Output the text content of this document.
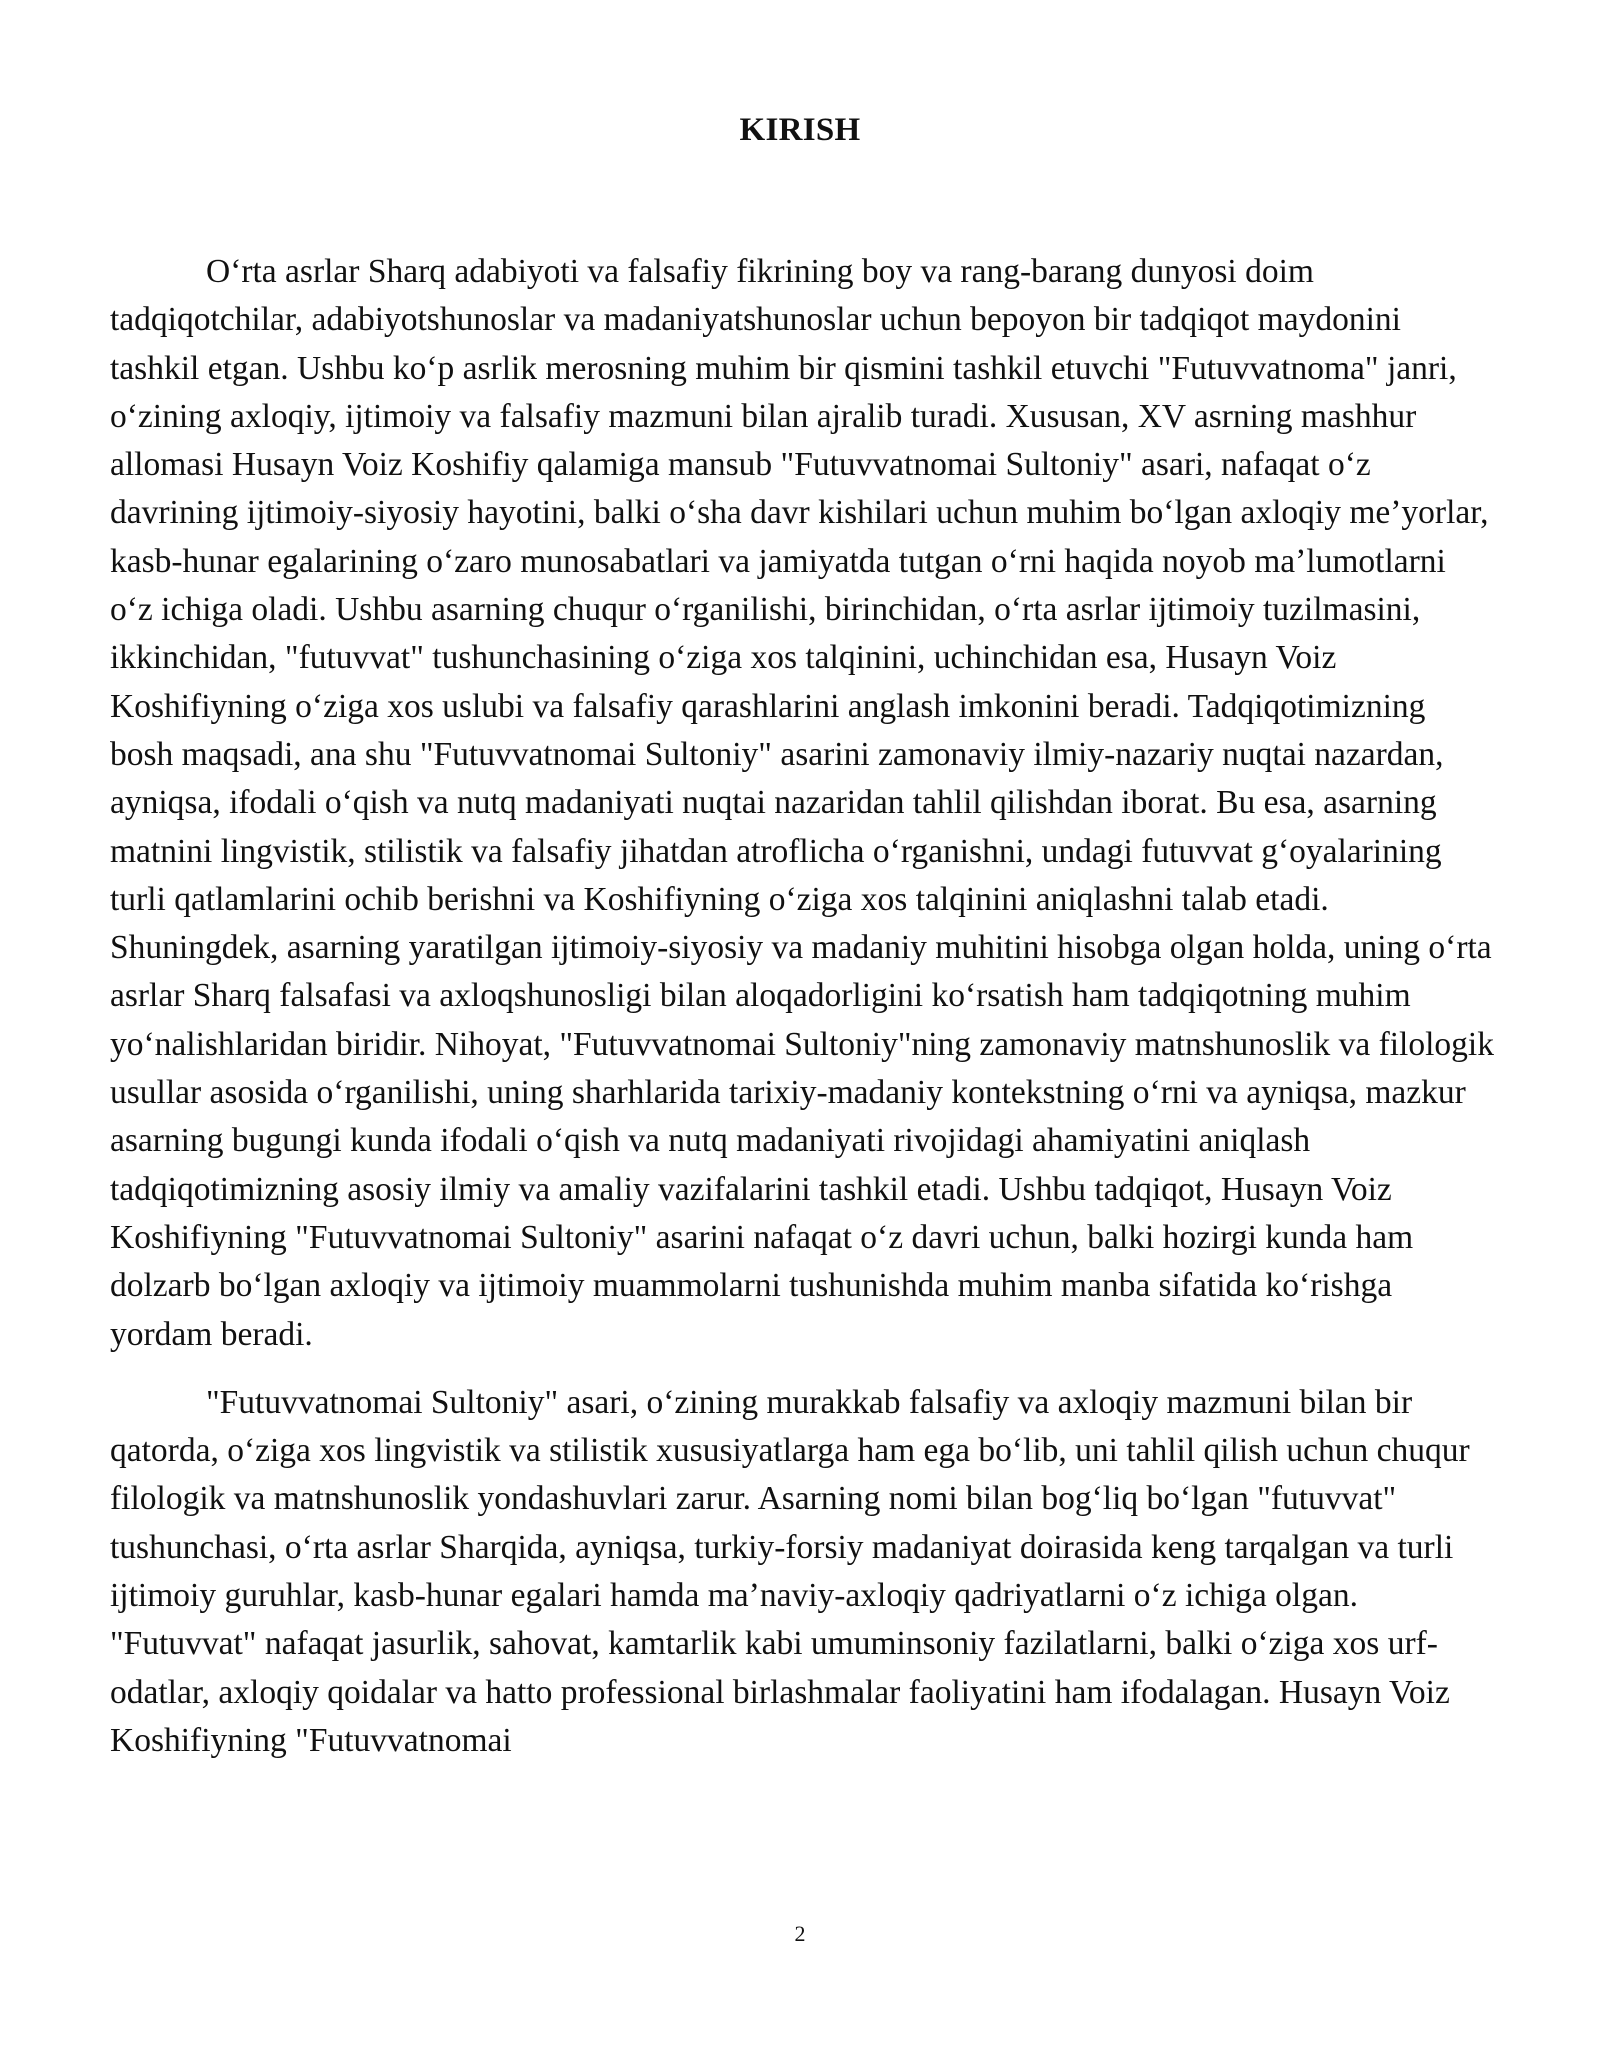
KIRISH

Oʻrta asrlar Sharq adabiyoti va falsafiy fikrining boy va rang-barang dunyosi doim tadqiqotchilar, adabiyotshunoslar va madaniyatshunoslar uchun bepoyon bir tadqiqot maydonini tashkil etgan. Ushbu koʻp asrlik merosning muhim bir qismini tashkil etuvchi "Futuvvatnoma" janri, oʻzining axloqiy, ijtimoiy va falsafiy mazmuni bilan ajralib turadi. Xususan, XV asrning mashhur allomasi Husayn Voiz Koshifiy qalamiga mansub "Futuvvatnomai Sultoniy" asari, nafaqat oʻz davrining ijtimoiy-siyosiy hayotini, balki oʻsha davr kishilari uchun muhim boʻlgan axloqiy meʼyorlar, kasb-hunar egalarining oʻzaro munosabatlari va jamiyatda tutgan oʻrni haqida noyob maʼlumotlarni oʻz ichiga oladi. Ushbu asarning chuqur oʻrganilishi, birinchidan, oʻrta asrlar ijtimoiy tuzilmasini, ikkinchidan, "futuvvat" tushunchasining oʻziga xos talqinini, uchinchidan esa, Husayn Voiz Koshifiyning oʻziga xos uslubi va falsafiy qarashlarini anglash imkonini beradi. Tadqiqotimizning bosh maqsadi, ana shu "Futuvvatnomai Sultoniy" asarini zamonaviy ilmiy-nazariy nuqtai nazardan, ayniqsa, ifodali oʻqish va nutq madaniyati nuqtai nazaridan tahlil qilishdan iborat. Bu esa, asarning matnini lingvistik, stilistik va falsafiy jihatdan atroflicha oʻrganishni, undagi futuvvat gʻoyalarining turli qatlamlarini ochib berishni va Koshifiyning oʻziga xos talqinini aniqlashni talab etadi. Shuningdek, asarning yaratilgan ijtimoiy-siyosiy va madaniy muhitini hisobga olgan holda, uning oʻrta asrlar Sharq falsafasi va axloqshunosligi bilan aloqadorligini koʻrsatish ham tadqiqotning muhim yoʻnalishlaridan biridir. Nihoyat, "Futuvvatnomai Sultoniy"ning zamonaviy matnshunoslik va filologik usullar asosida oʻrganilishi, uning sharhlarida tarixiy-madaniy kontekstning oʻrni va ayniqsa, mazkur asarning bugungi kunda ifodali oʻqish va nutq madaniyati rivojidagi ahamiyatini aniqlash tadqiqotimizning asosiy ilmiy va amaliy vazifalarini tashkil etadi. Ushbu tadqiqot, Husayn Voiz Koshifiyning "Futuvvatnomai Sultoniy" asarini nafaqat oʻz davri uchun, balki hozirgi kunda ham dolzarb boʻlgan axloqiy va ijtimoiy muammolarni tushunishda muhim manba sifatida koʻrishga yordam beradi.

"Futuvvatnomai Sultoniy" asari, oʻzining murakkab falsafiy va axloqiy mazmuni bilan bir qatorda, oʻziga xos lingvistik va stilistik xususiyatlarga ham ega boʻlib, uni tahlil qilish uchun chuqur filologik va matnshunoslik yondashuvlari zarur. Asarning nomi bilan bogʻliq boʻlgan "futuvvat" tushunchasi, oʻrta asrlar Sharqida, ayniqsa, turkiy-forsiy madaniyat doirasida keng tarqalgan va turli ijtimoiy guruhlar, kasb-hunar egalari hamda maʼnaviy-axloqiy qadriyatlarni oʻz ichiga olgan. "Futuvvat" nafaqat jasurlik, sahovat, kamtarlik kabi umuminsoniy fazilatlarni, balki oʻziga xos urf-odatlar, axloqiy qoidalar va hatto professional birlashmalar faoliyatini ham ifodalagan. Husayn Voiz Koshifiyning "Futuvvatnomai

2
